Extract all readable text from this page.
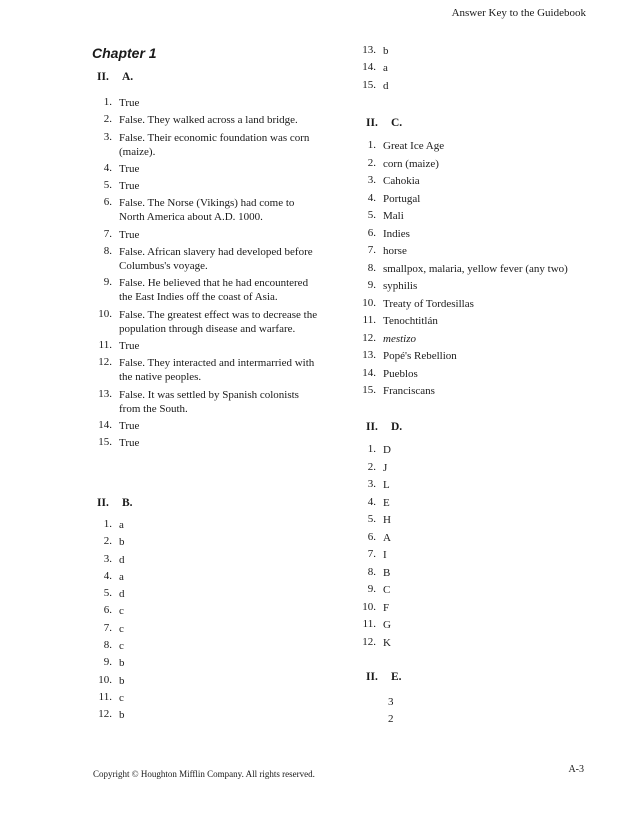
Answer Key to the Guidebook
Chapter 1
II. A.
1. True
2. False. They walked across a land bridge.
3. False. Their economic foundation was corn (maize).
4. True
5. True
6. False. The Norse (Vikings) had come to North America about A.D. 1000.
7. True
8. False. African slavery had developed before Columbus's voyage.
9. False. He believed that he had encountered the East Indies off the coast of Asia.
10. False. The greatest effect was to decrease the population through disease and warfare.
11. True
12. False. They interacted and intermarried with the native peoples.
13. False. It was settled by Spanish colonists from the South.
14. True
15. True
II. B.
1. a
2. b
3. d
4. a
5. d
6. c
7. c
8. c
9. b
10. b
11. c
12. b
13. b
14. a
15. d
II. C.
1. Great Ice Age
2. corn (maize)
3. Cahokia
4. Portugal
5. Mali
6. Indies
7. horse
8. smallpox, malaria, yellow fever (any two)
9. syphilis
10. Treaty of Tordesillas
11. Tenochtitlán
12. mestizo
13. Popé's Rebellion
14. Pueblos
15. Franciscans
II. D.
1. D
2. J
3. L
4. E
5. H
6. A
7. I
8. B
9. C
10. F
11. G
12. K
II. E.
3
2
Copyright © Houghton Mifflin Company. All rights reserved.	A-3
